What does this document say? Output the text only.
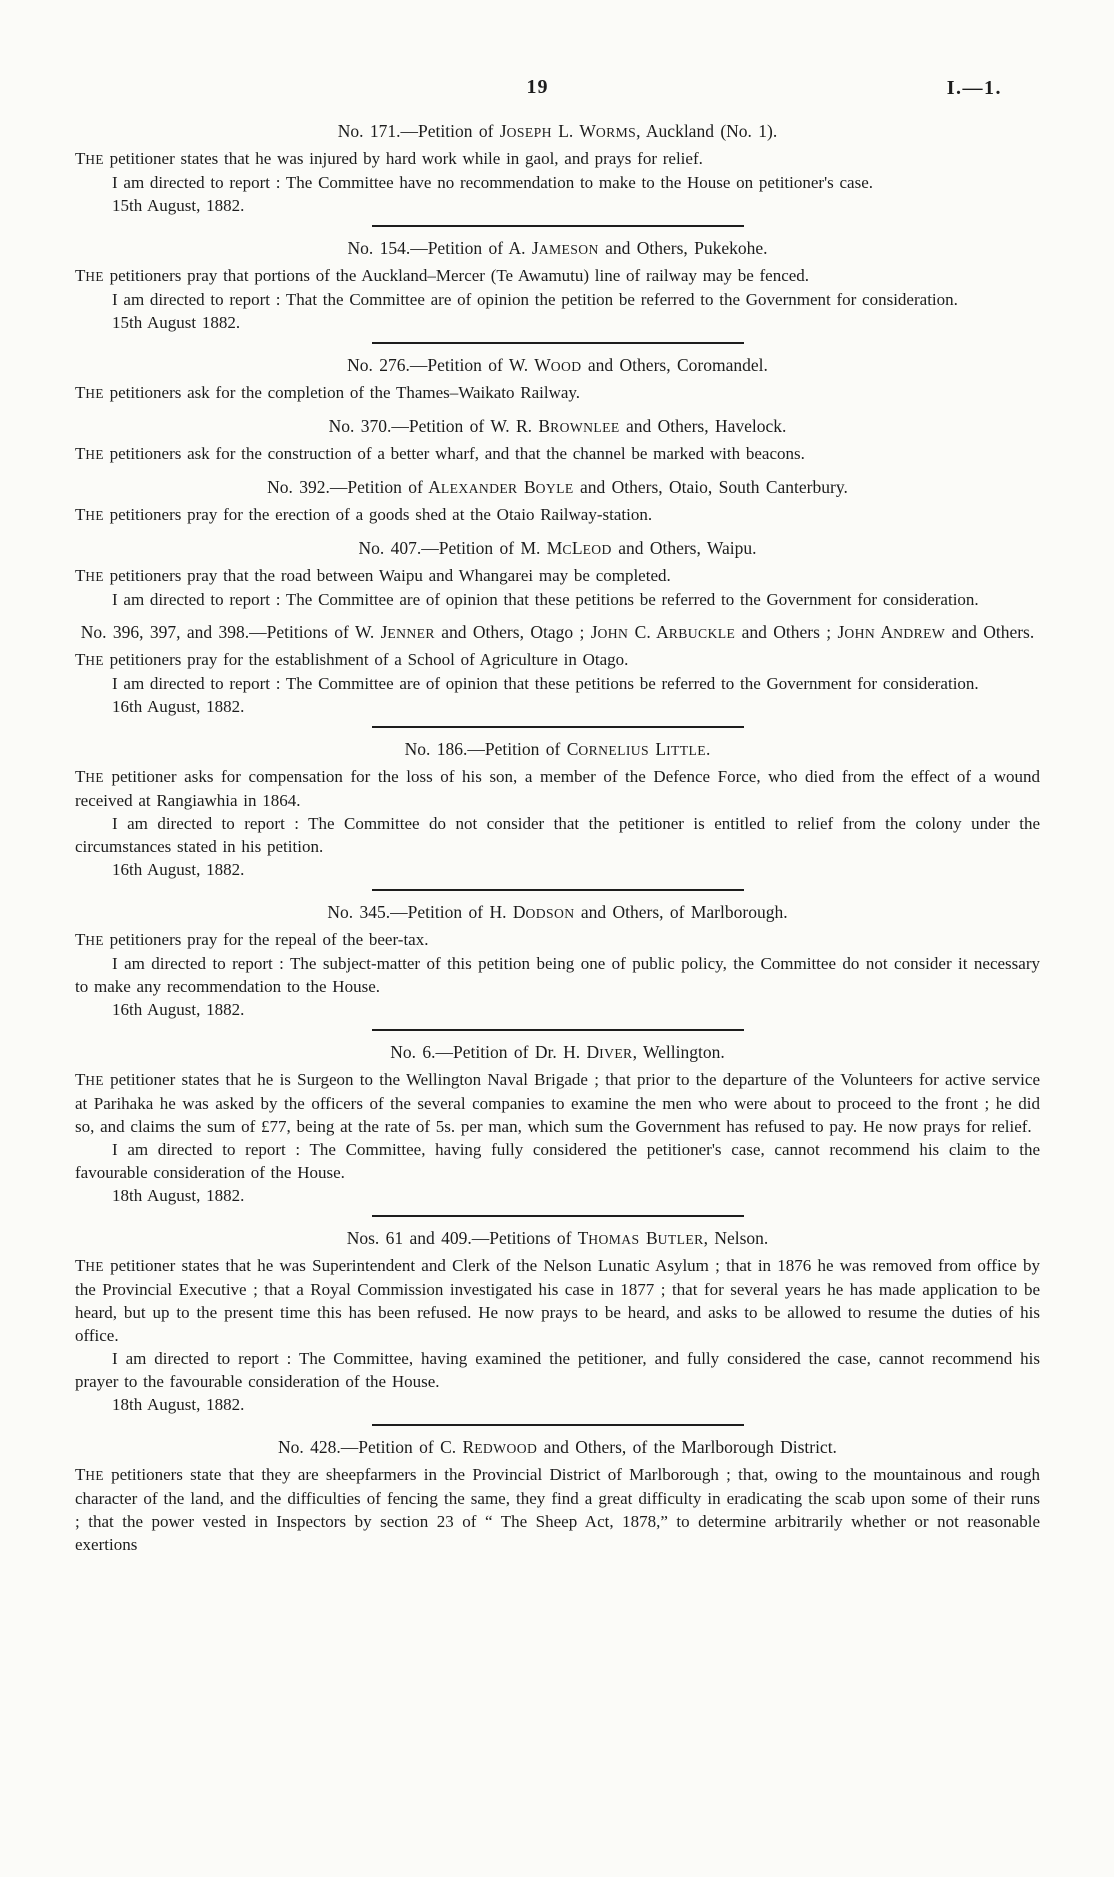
19	I.—1.
No. 171.—Petition of JOSEPH L. WORMS, Auckland (No. 1).

THE petitioner states that he was injured by hard work while in gaol, and prays for relief.

I am directed to report : The Committee have no recommendation to make to the House on petitioner's case.

15th August, 1882.

No. 154.—Petition of A. JAMESON and Others, Pukekohe.

THE petitioners pray that portions of the Auckland–Mercer (Te Awamutu) line of railway may be fenced.

I am directed to report : That the Committee are of opinion the petition be referred to the Government for consideration.

15th August 1882.

No. 276.—Petition of W. WOOD and Others, Coromandel.

THE petitioners ask for the completion of the Thames–Waikato Railway.

No. 370.—Petition of W. R. BROWNLEE and Others, Havelock.

THE petitioners ask for the construction of a better wharf, and that the channel be marked with beacons.

No. 392.—Petition of ALEXANDER BOYLE and Others, Otaio, South Canterbury.

THE petitioners pray for the erection of a goods shed at the Otaio Railway-station.

No. 407.—Petition of M. MCLEOD and Others, Waipu.

THE petitioners pray that the road between Waipu and Whangarei may be completed.

I am directed to report : The Committee are of opinion that these petitions be referred to the Government for consideration.

No. 396, 397, and 398.—Petitions of W. JENNER and Others, Otago ; JOHN C. ARBUCKLE and Others ; JOHN ANDREW and Others.

THE petitioners pray for the establishment of a School of Agriculture in Otago.

I am directed to report : The Committee are of opinion that these petitions be referred to the Government for consideration.

16th August, 1882.

No. 186.—Petition of CORNELIUS LITTLE.

THE petitioner asks for compensation for the loss of his son, a member of the Defence Force, who died from the effect of a wound received at Rangiawhia in 1864.

I am directed to report : The Committee do not consider that the petitioner is entitled to relief from the colony under the circumstances stated in his petition.

16th August, 1882.

No. 345.—Petition of H. DODSON and Others, of Marlborough.

THE petitioners pray for the repeal of the beer-tax.

I am directed to report : The subject-matter of this petition being one of public policy, the Committee do not consider it necessary to make any recommendation to the House.

16th August, 1882.

No. 6.—Petition of Dr. H. DIVER, Wellington.

THE petitioner states that he is Surgeon to the Wellington Naval Brigade ; that prior to the departure of the Volunteers for active service at Parihaka he was asked by the officers of the several companies to examine the men who were about to proceed to the front ; he did so, and claims the sum of £77, being at the rate of 5s. per man, which sum the Government has refused to pay. He now prays for relief.

I am directed to report : The Committee, having fully considered the petitioner's case, cannot recommend his claim to the favourable consideration of the House.

18th August, 1882.

Nos. 61 and 409.—Petitions of THOMAS BUTLER, Nelson.

THE petitioner states that he was Superintendent and Clerk of the Nelson Lunatic Asylum ; that in 1876 he was removed from office by the Provincial Executive ; that a Royal Commission investigated his case in 1877 ; that for several years he has made application to be heard, but up to the present time this has been refused. He now prays to be heard, and asks to be allowed to resume the duties of his office.

I am directed to report : The Committee, having examined the petitioner, and fully considered the case, cannot recommend his prayer to the favourable consideration of the House.

18th August, 1882.

No. 428.—Petition of C. REDWOOD and Others, of the Marlborough District.

THE petitioners state that they are sheepfarmers in the Provincial District of Marlborough ; that, owing to the mountainous and rough character of the land, and the difficulties of fencing the same, they find a great difficulty in eradicating the scab upon some of their runs ; that the power vested in Inspectors by section 23 of “ The Sheep Act, 1878,” to determine arbitrarily whether or not reasonable exertions
